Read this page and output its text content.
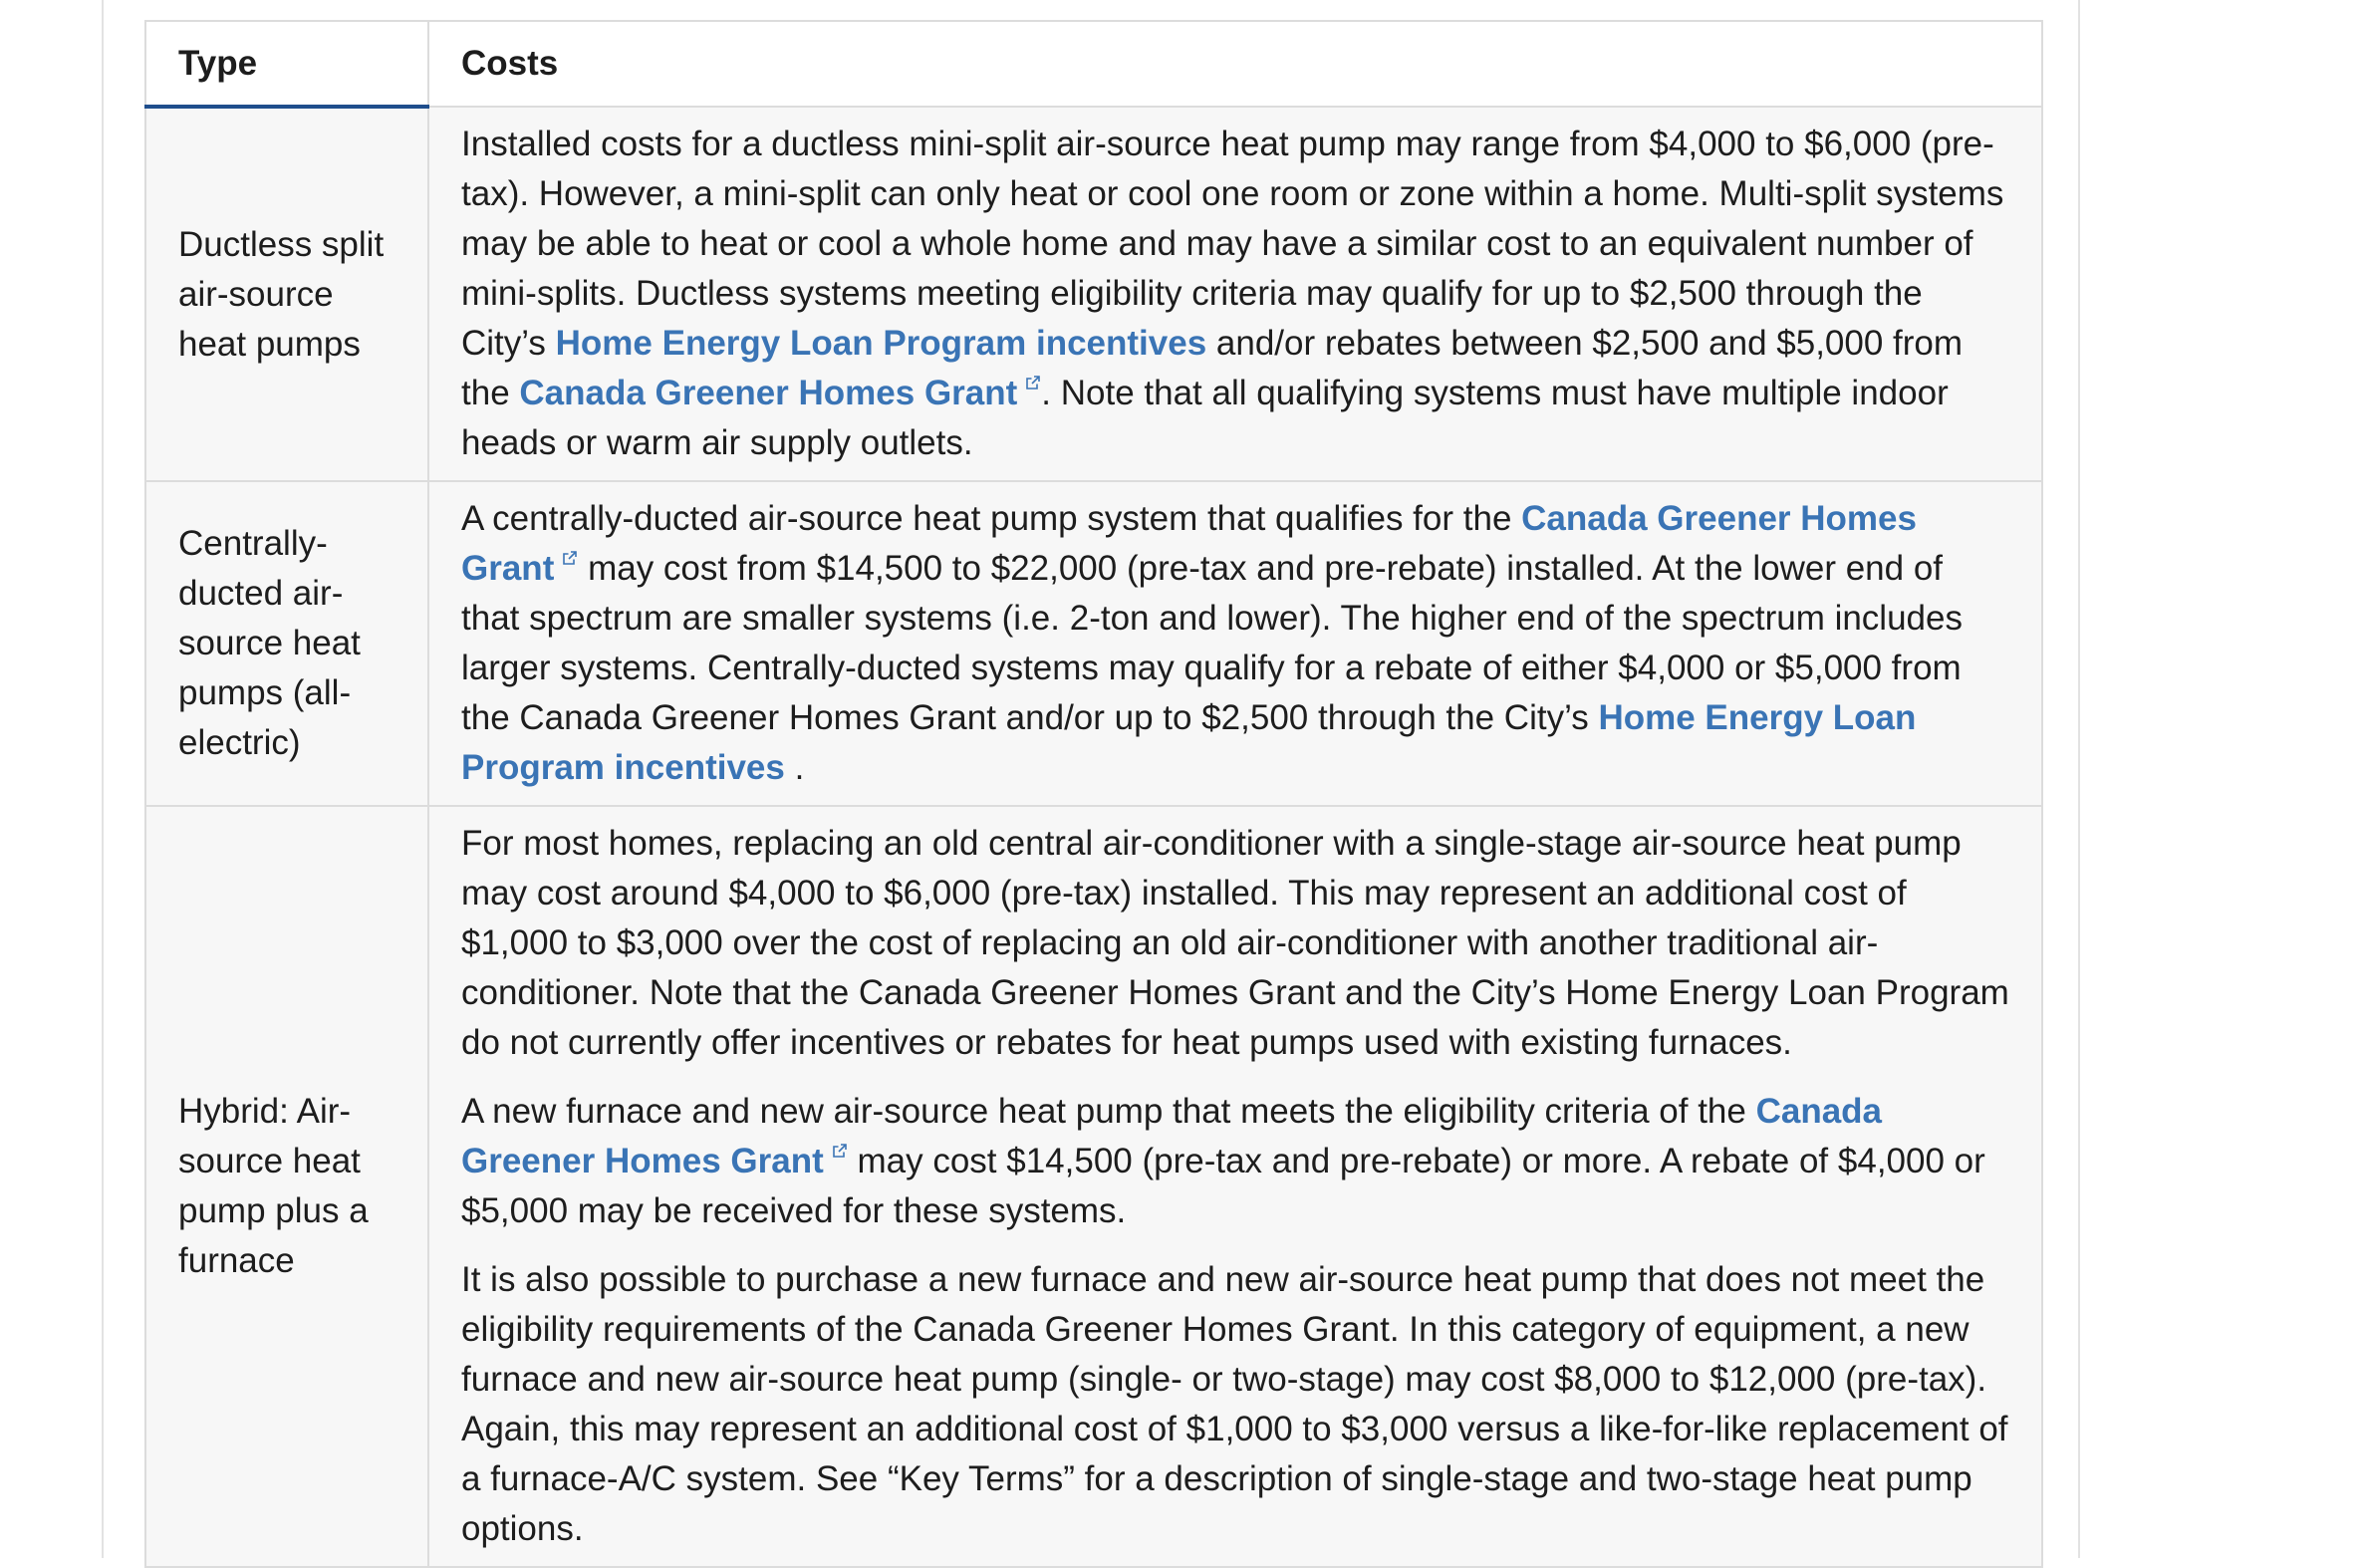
Type	Costs
Ductless split air-source heat pumps	Installed costs for a ductless mini-split air-source heat pump may range from $4,000 to $6,000 (pre-tax). However, a mini-split can only heat or cool one room or zone within a home. Multi-split systems may be able to heat or cool a whole home and may have a similar cost to an equivalent number of mini-splits. Ductless systems meeting eligibility criteria may qualify for up to $2,500 through the City’s Home Energy Loan Program incentives and/or rebates between $2,500 and $5,000 from the Canada Greener Homes Grant . Note that all qualifying systems must have multiple indoor heads or warm air supply outlets.

Centrally-ducted air-source heat pumps (all-electric)	A centrally-ducted air-source heat pump system that qualifies for the Canada Greener Homes Grant
may cost from $14,500 to $22,000 (pre-tax and pre-rebate) installed. At the lower end of that spectrum are smaller systems (i.e. 2-ton and lower). The higher end of the spectrum includes larger systems. Centrally-ducted systems may qualify for a rebate of either $4,000 or $5,000 from the Canada Greener Homes Grant and/or up to $2,500 through the City’s Home Energy Loan Program incentives .

Hybrid: Air-source heat pump plus a furnace	For most homes, replacing an old central air-conditioner with a single-stage air-source heat pump may cost around $4,000 to $6,000 (pre-tax) installed. This may represent an additional cost of $1,000 to $3,000 over the cost of replacing an old air-conditioner with another traditional air-conditioner. Note that the Canada Greener Homes Grant and the City’s Home Energy Loan Program do not currently offer incentives or rebates for heat pumps used with existing furnaces.

A new furnace and new air-source heat pump that meets the eligibility criteria of the Canada Greener Homes Grant
may cost $14,500 (pre-tax and pre-rebate) or more. A rebate of $4,000 or $5,000 may be received for these systems.

It is also possible to purchase a new furnace and new air-source heat pump that does not meet the eligibility requirements of the Canada Greener Homes Grant. In this category of equipment, a new furnace and new air-source heat pump (single- or two-stage) may cost $8,000 to $12,000 (pre-tax). Again, this may represent an additional cost of $1,000 to $3,000 versus a like-for-like replacement of a furnace-A/C system. See “Key Terms” for a description of single-stage and two-stage heat pump options.
